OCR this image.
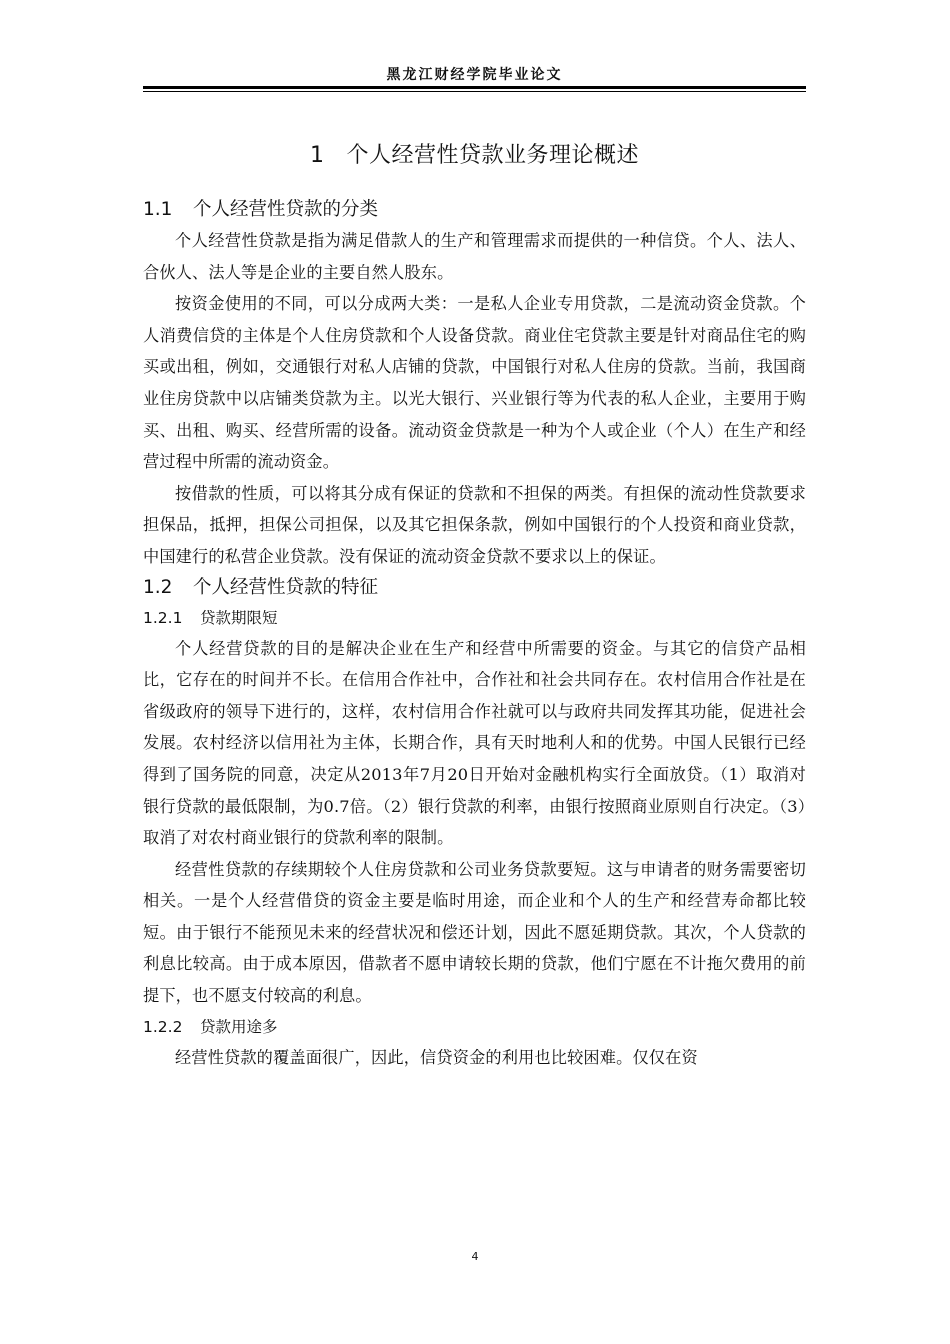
黑龙江财经学院毕业论文
1 个人经营性贷款业务理论概述
1.1 个人经营性贷款的分类

个人经营性贷款是指为满足借款人的生产和管理需求而提供的一种信贷。个人、法人、合伙人、法人等是企业的主要自然人股东。

按资金使用的不同，可以分成两大类：一是私人企业专用贷款，二是流动资金贷款。个人消费信贷的主体是个人住房贷款和个人设备贷款。商业住宅贷款主要是针对商品住宅的购买或出租，例如，交通银行对私人店铺的贷款，中国银行对私人住房的贷款。当前，我国商业住房贷款中以店铺类贷款为主。以光大银行、兴业银行等为代表的私人企业，主要用于购买、出租、购买、经营所需的设备。流动资金贷款是一种为个人或企业（个人）在生产和经营过程中所需的流动资金。

按借款的性质，可以将其分成有保证的贷款和不担保的两类。有担保的流动性贷款要求担保品，抵押，担保公司担保，以及其它担保条款，例如中国银行的个人投资和商业贷款，中国建行的私营企业贷款。没有保证的流动资金贷款不要求以上的保证。

1.2 个人经营性贷款的特征
1.2.1 贷款期限短

个人经营贷款的目的是解决企业在生产和经营中所需要的资金。与其它的信贷产品相比，它存在的时间并不长。在信用合作社中，合作社和社会共同存在。农村信用合作社是在省级政府的领导下进行的，这样，农村信用合作社就可以与政府共同发挥其功能，促进社会发展。农村经济以信用社为主体，长期合作，具有天时地利人和的优势。中国人民银行已经得到了国务院的同意，决定从2013年7月20日开始对金融机构实行全面放贷。（1）取消对银行贷款的最低限制，为0.7倍。（2）银行贷款的利率，由银行按照商业原则自行决定。（3）取消了对农村商业银行的贷款利率的限制。

经营性贷款的存续期较个人住房贷款和公司业务贷款要短。这与申请者的财务需要密切相关。一是个人经营借贷的资金主要是临时用途，而企业和个人的生产和经营寿命都比较短。由于银行不能预见未来的经营状况和偿还计划，因此不愿延期贷款。其次，个人贷款的利息比较高。由于成本原因，借款者不愿申请较长期的贷款，他们宁愿在不计拖欠费用的前提下，也不愿支付较高的利息。

1.2.2 贷款用途多

经营性贷款的覆盖面很广，因此，信贷资金的利用也比较困难。仅仅在资

4
